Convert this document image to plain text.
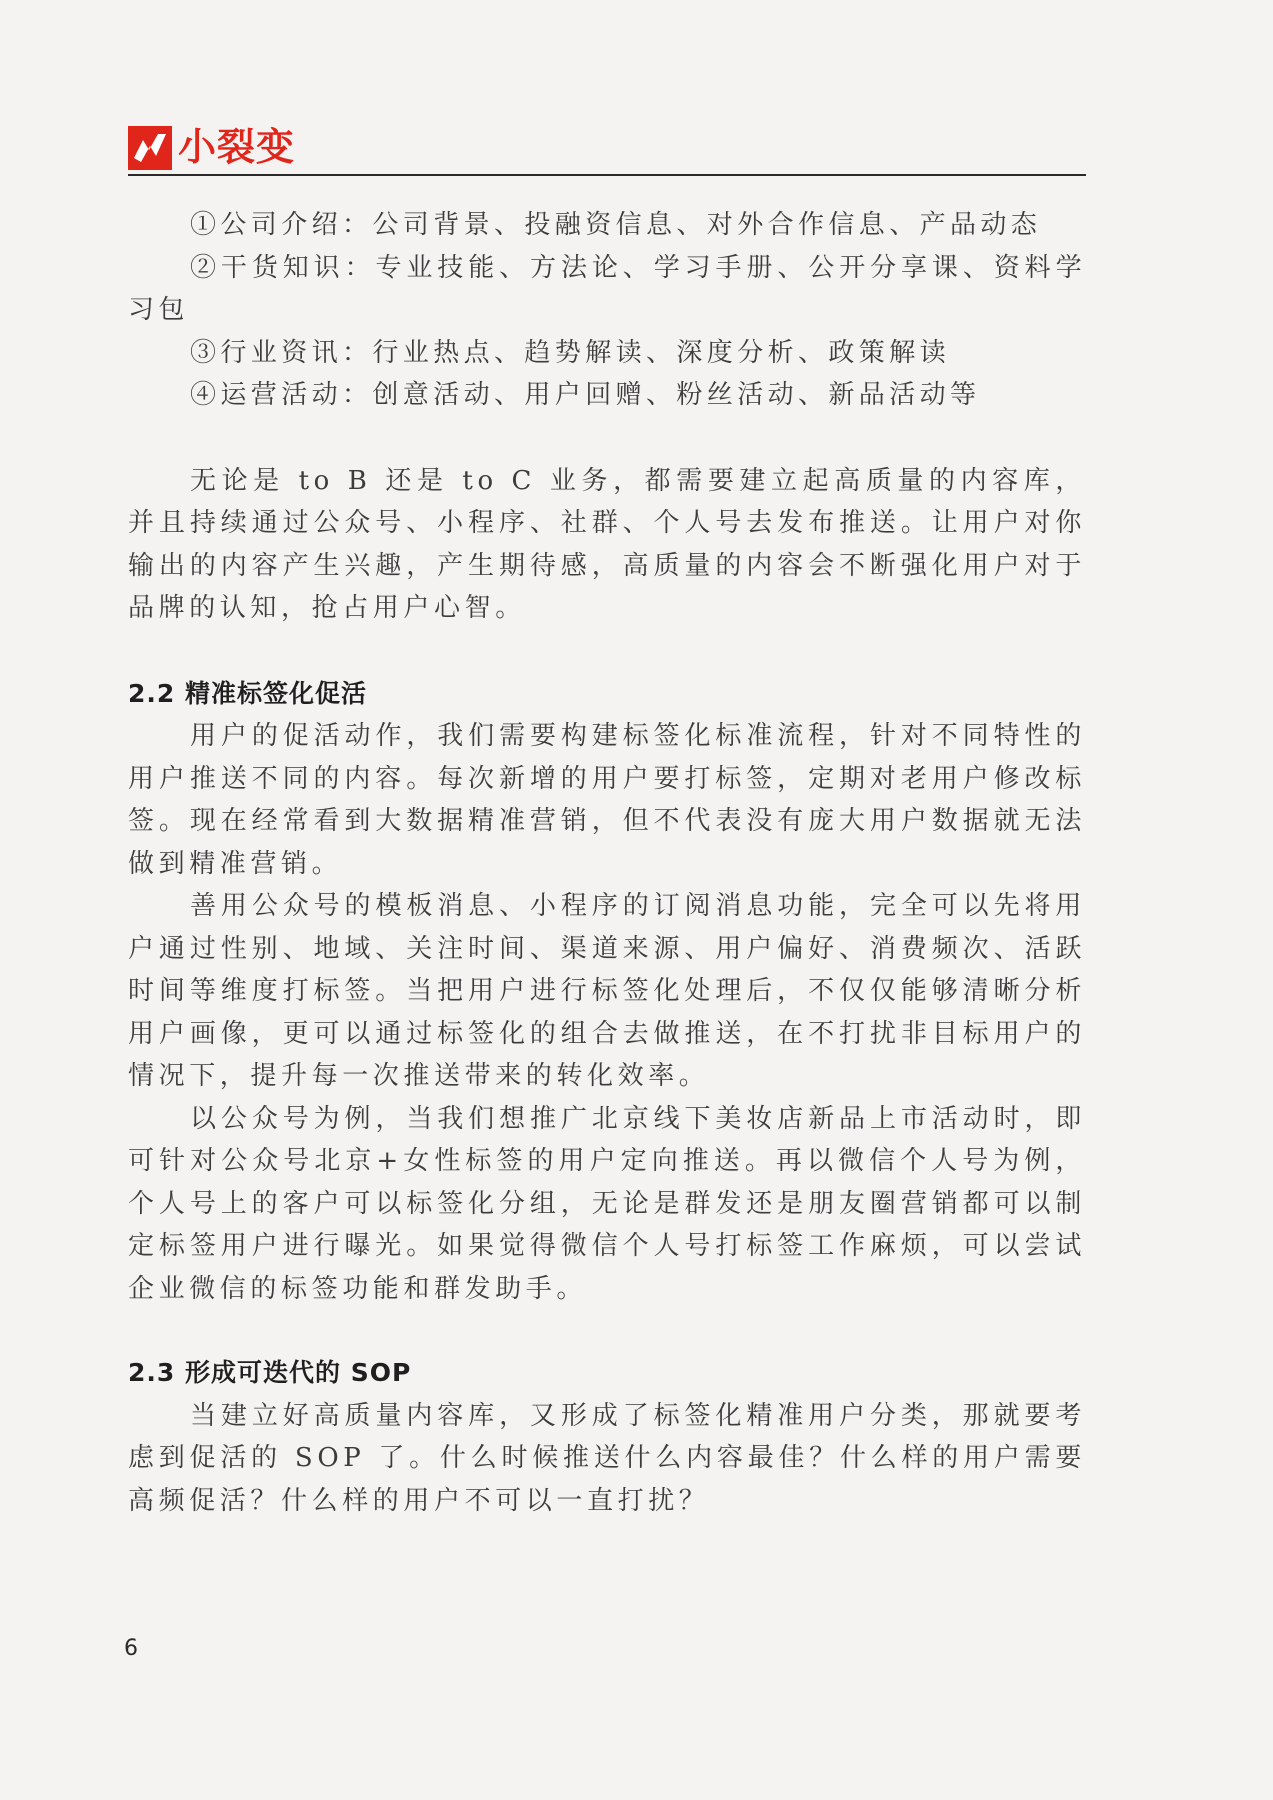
小裂变

①公司介绍：公司背景、投融资信息、对外合作信息、产品动态

②干货知识：专业技能、方法论、学习手册、公开分享课、资料学习包

③行业资讯：行业热点、趋势解读、深度分析、政策解读

④运营活动：创意活动、用户回赠、粉丝活动、新品活动等

无论是 to B 还是 to C 业务，都需要建立起高质量的内容库，并且持续通过公众号、小程序、社群、个人号去发布推送。让用户对你输出的内容产生兴趣，产生期待感，高质量的内容会不断强化用户对于品牌的认知，抢占用户心智。

2.2 精准标签化促活

用户的促活动作，我们需要构建标签化标准流程，针对不同特性的用户推送不同的内容。每次新增的用户要打标签，定期对老用户修改标签。现在经常看到大数据精准营销，但不代表没有庞大用户数据就无法做到精准营销。

善用公众号的模板消息、小程序的订阅消息功能，完全可以先将用户通过性别、地域、关注时间、渠道来源、用户偏好、消费频次、活跃时间等维度打标签。当把用户进行标签化处理后，不仅仅能够清晰分析用户画像，更可以通过标签化的组合去做推送，在不打扰非目标用户的情况下，提升每一次推送带来的转化效率。

以公众号为例，当我们想推广北京线下美妆店新品上市活动时，即可针对公众号北京+女性标签的用户定向推送。再以微信个人号为例，个人号上的客户可以标签化分组，无论是群发还是朋友圈营销都可以制定标签用户进行曝光。如果觉得微信个人号打标签工作麻烦，可以尝试企业微信的标签功能和群发助手。

2.3 形成可迭代的 SOP

当建立好高质量内容库，又形成了标签化精准用户分类，那就要考虑到促活的 SOP 了。什么时候推送什么内容最佳？什么样的用户需要高频促活？什么样的用户不可以一直打扰？

6
